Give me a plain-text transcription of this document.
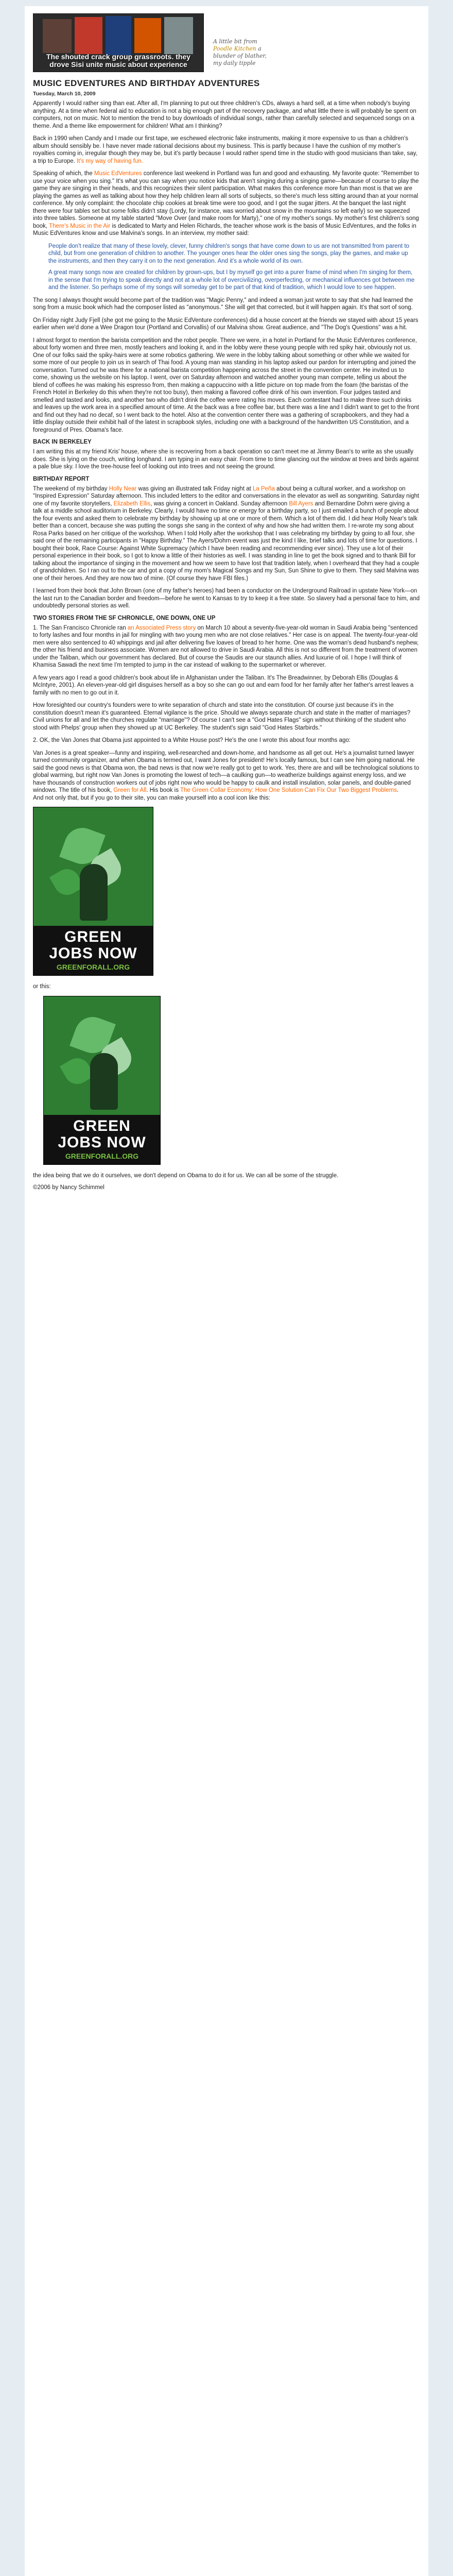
The shouted crack group grassroots. they
drove Sisi unite music about experience
A little bit from Poodle Kitchen a blunder of blather, my daily tipple
MUSIC EDVENTURES AND BIRTHDAY ADVENTURES
Tuesday, March 10, 2009

Apparently I would rather sing than eat. After all, I'm planning to put out three children's CDs, always a hard sell, at a time when nobody's buying anything. At a time when federal aid to education is not a big enough part of the recovery package, and what little there is will probably be spent on computers, not on music. Not to mention the trend to buy downloads of individual songs, rather than carefully selected and sequenced songs on a theme. And a theme like empowerment for children! What am I thinking?

Back in 1990 when Candy and I made our first tape, we eschewed electronic fake instruments, making it more expensive to us than a children's album should sensibly be. I have never made rational decisions about my business. This is partly because I have the cushion of my mother's royalties coming in, irregular though they may be, but it's partly because I would rather spend time in the studio with good musicians than take, say, a trip to Europe. It's my way of having fun.

Speaking of which, the Music EdVentures conference last weekend in Portland was fun and good and exhausting. My favorite quote: "Remember to use your voice when you sing." It's what you can say when you notice kids that aren't singing during a singing game—because of course to play the game they are singing in their heads, and this recognizes their silent participation. What makes this conference more fun than most is that we are playing the games as well as talking about how they help children learn all sorts of subjects, so there's much less sitting around than at your normal conference. My only complaint: the chocolate chip cookies at break time were too good, and I got the sugar jitters. At the banquet the last night there were four tables set but some folks didn't stay (Lordy, for instance, was worried about snow in the mountains so left early) so we squeezed into three tables. Someone at my table started "Move Over (and make room for Marty)," one of my mother's songs. My mother's first children's song book, There's Music in the Air is dedicated to Marty and Helen Richards, the teacher whose work is the basis of Music EdVentures, and the folks in Music EdVentures know and use Malvina's songs. In an interview, my mother said:

People don't realize that many of these lovely, clever, funny children's songs that have come down to us are not transmitted from parent to child, but from one generation of children to another. The younger ones hear the older ones sing the songs, play the games, and make up the instruments, and then they carry it on to the next generation. And it's a whole world of its own.

A great many songs now are created for children by grown-ups, but I by myself go get into a purer frame of mind when I'm singing for them, in the sense that I'm trying to speak directly and not at a whole lot of overcivilizing, overperfecting, or mechanical influences got between me and the listener. So perhaps some of my songs will someday get to be part of that kind of tradition, which I would love to see happen.

The song I always thought would become part of the tradition was "Magic Penny," and indeed a woman just wrote to say that she had learned the song from a music book which had the composer listed as "anonymous." She will get that corrected, but it will happen again. It's that sort of song.

On Friday night Judy Fjell (she got me going to the Music EdVenture conferences) did a house concert at the friends we stayed with about 15 years earlier when we'd done a Wee Dragon tour (Portland and Corvallis) of our Malvina show. Great audience, and "The Dog's Questions" was a hit.

I almost forgot to mention the barista competition and the robot people. There we were, in a hotel in Portland for the Music EdVentures conference, about forty women and three men, mostly teachers and looking it, and in the lobby were these young people with red spiky hair, obviously not us. One of our folks said the spiky-hairs were at some robotics gathering. We were in the lobby talking about something or other while we waited for some more of our people to join us in search of Thai food. A young man was standing in his laptop asked our pardon for interrupting and joined the conversation. Turned out he was there for a national barista competition happening across the street in the convention center. He invited us to come, showing us the website on his laptop. I went, over on Saturday afternoon and watched another young man compete, telling us about the blend of coffees he was making his espresso from, then making a cappuccino with a little picture on top made from the foam (the baristas of the French Hotel in Berkeley do this when they're not too busy), then making a flavored coffee drink of his own invention. Four judges tasted and smelled and tasted and looks, and another two who didn't drink the coffee were rating his moves. Each contestant had to make three such drinks and leaves up the work area in a specified amount of time. At the back was a free coffee bar, but there was a line and I didn't want to get to the front and find out they had no decaf, so I went back to the hotel. Also at the convention center there was a gathering of scrapbookers, and they had a little display outside their exhibit hall of the latest in scrapbook styles, including one with a background of the handwritten US Constitution, and a foreground of Pres. Obama's face.

BACK IN BERKELEY

I am writing this at my friend Kris' house, where she is recovering from a back operation so can't meet me at Jimmy Bean's to write as she usually does. She is lying on the couch, writing longhand. I am typing in an easy chair. From time to time glancing out the window at trees and birds against a pale blue sky. I love the tree-house feel of looking out into trees and not seeing the ground.

BIRTHDAY REPORT

The weekend of my birthday Holly Near was giving an illustrated talk Friday night at La Peña about being a cultural worker, and a workshop on "Inspired Expression" Saturday afternoon. This included letters to the editor and conversations in the elevator as well as songwriting. Saturday night one of my favorite storytellers, Elizabeth Ellis, was giving a concert in Oakland. Sunday afternoon Bill Ayers and Bernardine Dohrn were giving a talk at a middle school auditorium in Berkeley. Clearly, I would have no time or energy for a birthday party, so I just emailed a bunch of people about the four events and asked them to celebrate my birthday by showing up at one or more of them. Which a lot of them did. I did hear Holly Near's talk better than a concert, because she was putting the songs she sang in the context of why and how she had written them. I re-wrote my song about Rosa Parks based on her critique of the workshop. When I told Holly after the workshop that I was celebrating my birthday by going to all four, she said one of the remaining participants in "Happy Birthday." The Ayers/Dohrn event was just the kind I like, brief talks and lots of time for questions. I bought their book, Race Course: Against White Supremacy (which I have been reading and recommending ever since). They use a lot of their personal experience in their book, so I got to know a little of their histories as well. I was standing in line to get the book signed and to thank Bill for talking about the importance of singing in the movement and how we seem to have lost that tradition lately, when I overheard that they had a couple of grandchildren. So I ran out to the car and got a copy of my mom's Magical Songs and my Sun, Sun Shine to give to them. They said Malvina was one of their heroes. And they are now two of mine. (Of course they have FBI files.)

I learned from their book that John Brown (one of my father's heroes) had been a conductor on the Underground Railroad in upstate New York—on the last run to the Canadian border and freedom—before he went to Kansas to try to keep it a free state. So slavery had a personal face to him, and undoubtedly personal stories as well.

TWO STORIES FROM THE SF CHRONICLE, ONE DOWN, ONE UP
1. The San Francisco Chronicle ran an Associated Press story on March 10 about a seventy-five-year-old woman in Saudi Arabia being "sentenced to forty lashes and four months in jail for mingling with two young men who are not close relatives." Her case is on appeal. The twenty-four-year-old men were also sentenced to 40 whippings and jail after delivering five loaves of bread to her home. One was the woman's dead husband's nephew, the other his friend and business associate. Women are not allowed to drive in Saudi Arabia. All this is not so different from the treatment of women under the Taliban, which our government has declared. But of course the Saudis are our staunch allies. And luxurie of oil. I hope I will think of Khamisa Sawadi the next time I'm tempted to jump in the car instead of walking to the supermarket or wherever.
A few years ago I read a good children's book about life in Afghanistan under the Taliban. It's The Breadwinner, by Deborah Ellis (Douglas & McIntyre, 2001). An eleven-year-old girl disguises herself as a boy so she can go out and earn food for her family after her father's arrest leaves a family with no men to go out in it.
How foresighted our country's founders were to write separation of church and state into the constitution. Of course just because it's in the constitution doesn't mean it's guaranteed. Eternal vigilance is the price. Should we always separate church and state in the matter of marriages? Civil unions for all and let the churches regulate "marriage"? Of course I can't see a "God Hates Flags" sign without thinking of the student who stood with Phelps' group when they showed up at UC Berkeley. The student's sign said "God Hates Starbirds."
2. OK, the Van Jones that Obama just appointed to a White House post? He's the one I wrote this about four months ago:
Van Jones is a great speaker—funny and inspiring, well-researched and down-home, and handsome as all get out. He's a journalist turned lawyer turned community organizer, and when Obama is termed out, I want Jones for president! He's locally famous, but I can see him going national. He said the good news is that Obama won, the bad news is that now we're really got to get to work. Yes, there are and will be technological solutions to global warming, but right now Van Jones is promoting the lowest of tech—a caulking gun—to weatherize buildings against energy loss, and we have thousands of construction workers out of jobs right now who would be happy to caulk and install insulation, solar panels, and double-paned windows. The title of his book, Green for All. His book is The Green Collar Economy: How One Solution Can Fix Our Two Biggest Problems.
And not only that, but if you go to their site, you can make yourself into a cool icon like this:
GREEN
JOBS NOW
GREENFORALL.ORG

or this:

GREEN
JOBS NOW
GREENFORALL.ORG

the idea being that we do it ourselves, we don't depend on Obama to do it for us. We can all be some of the struggle.

©2006 by Nancy Schimmel
